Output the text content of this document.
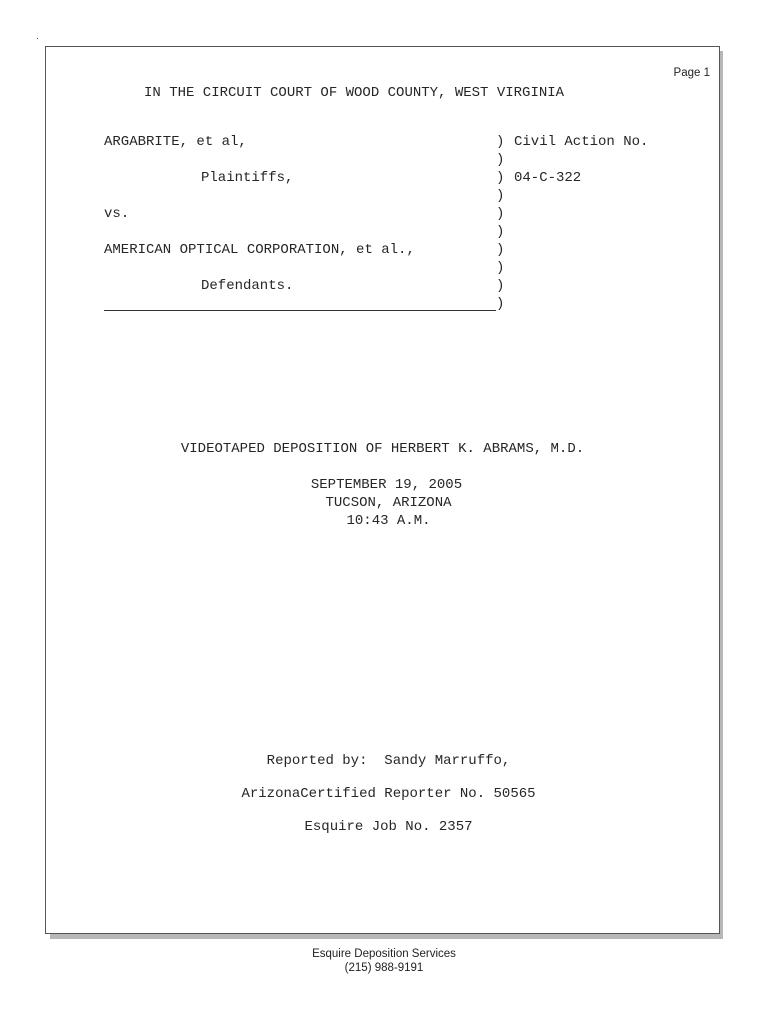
Page 1
IN THE CIRCUIT COURT OF WOOD COUNTY, WEST VIRGINIA
ARGABRITE, et al,
Plaintiffs,
vs.
AMERICAN OPTICAL CORPORATION, et al.,
Defendants.
)
)
)
)
)
)
)
)
)
)
Civil Action No.
04-C-322
VIDEOTAPED DEPOSITION OF HERBERT K. ABRAMS, M.D.
SEPTEMBER 19, 2005
TUCSON, ARIZONA
10:43 A.M.
Reported by:  Sandy Marruffo,
ArizonaCertified Reporter No. 50565
Esquire Job No. 2357
Esquire Deposition Services
(215) 988-9191
